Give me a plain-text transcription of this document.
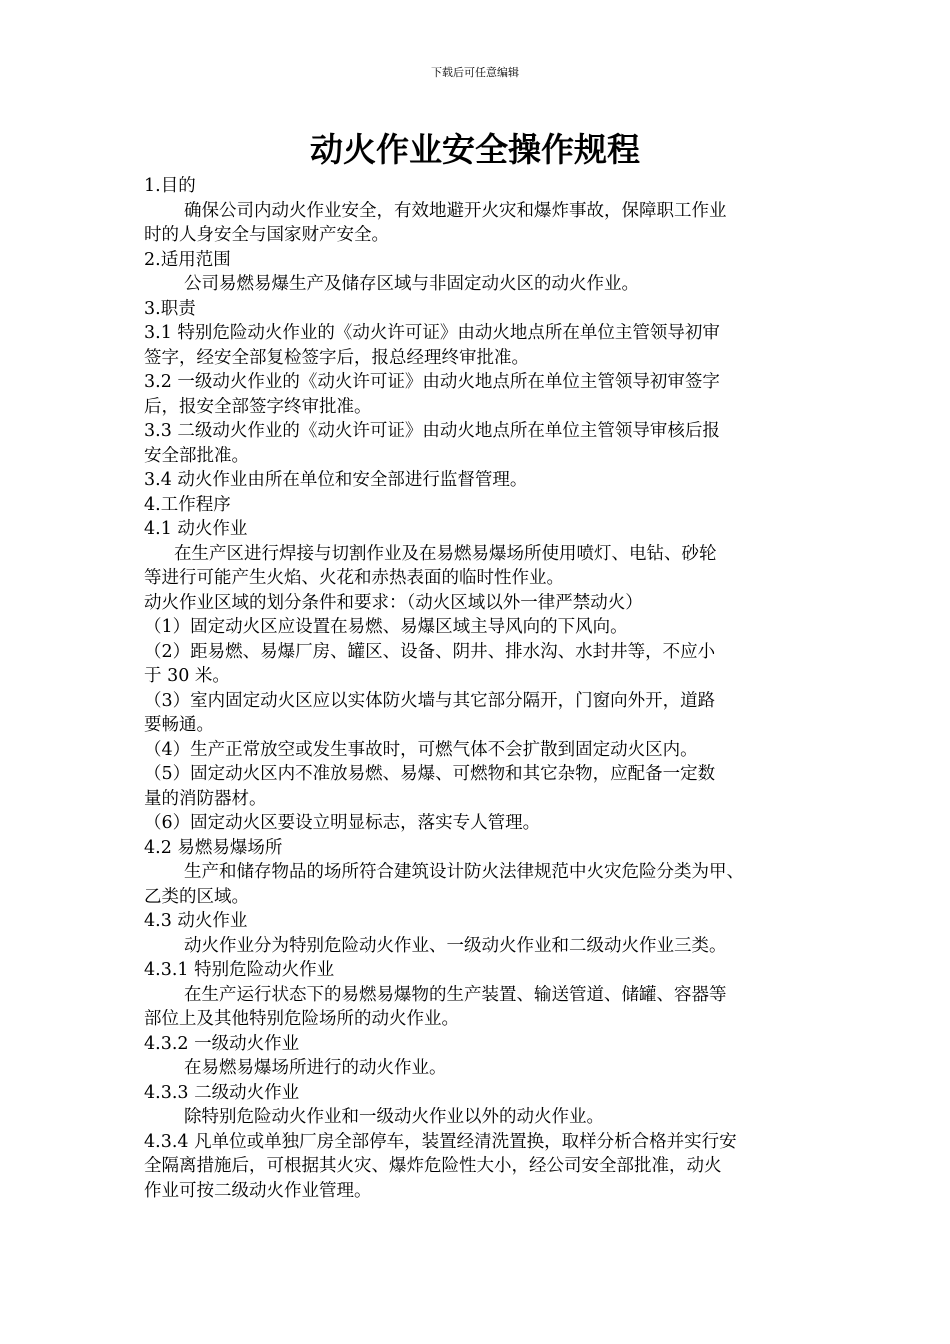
下载后可任意编辑
动火作业安全操作规程
1.目的
确保公司内动火作业安全，有效地避开火灾和爆炸事故，保障职工作业
时的人身安全与国家财产安全。
2.适用范围
公司易燃易爆生产及储存区域与非固定动火区的动火作业。
3.职责
3.1 特别危险动火作业的《动火许可证》由动火地点所在单位主管领导初审
签字，经安全部复检签字后，报总经理终审批准。
3.2 一级动火作业的《动火许可证》由动火地点所在单位主管领导初审签字
后，报安全部签字终审批准。
3.3 二级动火作业的《动火许可证》由动火地点所在单位主管领导审核后报
安全部批准。
3.4 动火作业由所在单位和安全部进行监督管理。
4.工作程序
4.1 动火作业
在生产区进行焊接与切割作业及在易燃易爆场所使用喷灯、电钻、砂轮
等进行可能产生火焰、火花和赤热表面的临时性作业。
动火作业区域的划分条件和要求：（动火区域以外一律严禁动火）
（1）固定动火区应设置在易燃、易爆区域主导风向的下风向。
（2）距易燃、易爆厂房、罐区、设备、阴井、排水沟、水封井等，不应小
于 30 米。
（3）室内固定动火区应以实体防火墙与其它部分隔开，门窗向外开，道路
要畅通。
（4）生产正常放空或发生事故时，可燃气体不会扩散到固定动火区内。
（5）固定动火区内不准放易燃、易爆、可燃物和其它杂物，应配备一定数
量的消防器材。
（6）固定动火区要设立明显标志，落实专人管理。
4.2 易燃易爆场所
生产和储存物品的场所符合建筑设计防火法律规范中火灾危险分类为甲、
乙类的区域。
4.3 动火作业
动火作业分为特别危险动火作业、一级动火作业和二级动火作业三类。
4.3.1 特别危险动火作业
在生产运行状态下的易燃易爆物的生产装置、输送管道、储罐、容器等
部位上及其他特别危险场所的动火作业。
4.3.2 一级动火作业
在易燃易爆场所进行的动火作业。
4.3.3 二级动火作业
除特别危险动火作业和一级动火作业以外的动火作业。
4.3.4 凡单位或单独厂房全部停车，装置经清洗置换，取样分析合格并实行安
全隔离措施后，可根据其火灾、爆炸危险性大小，经公司安全部批准，动火
作业可按二级动火作业管理。
